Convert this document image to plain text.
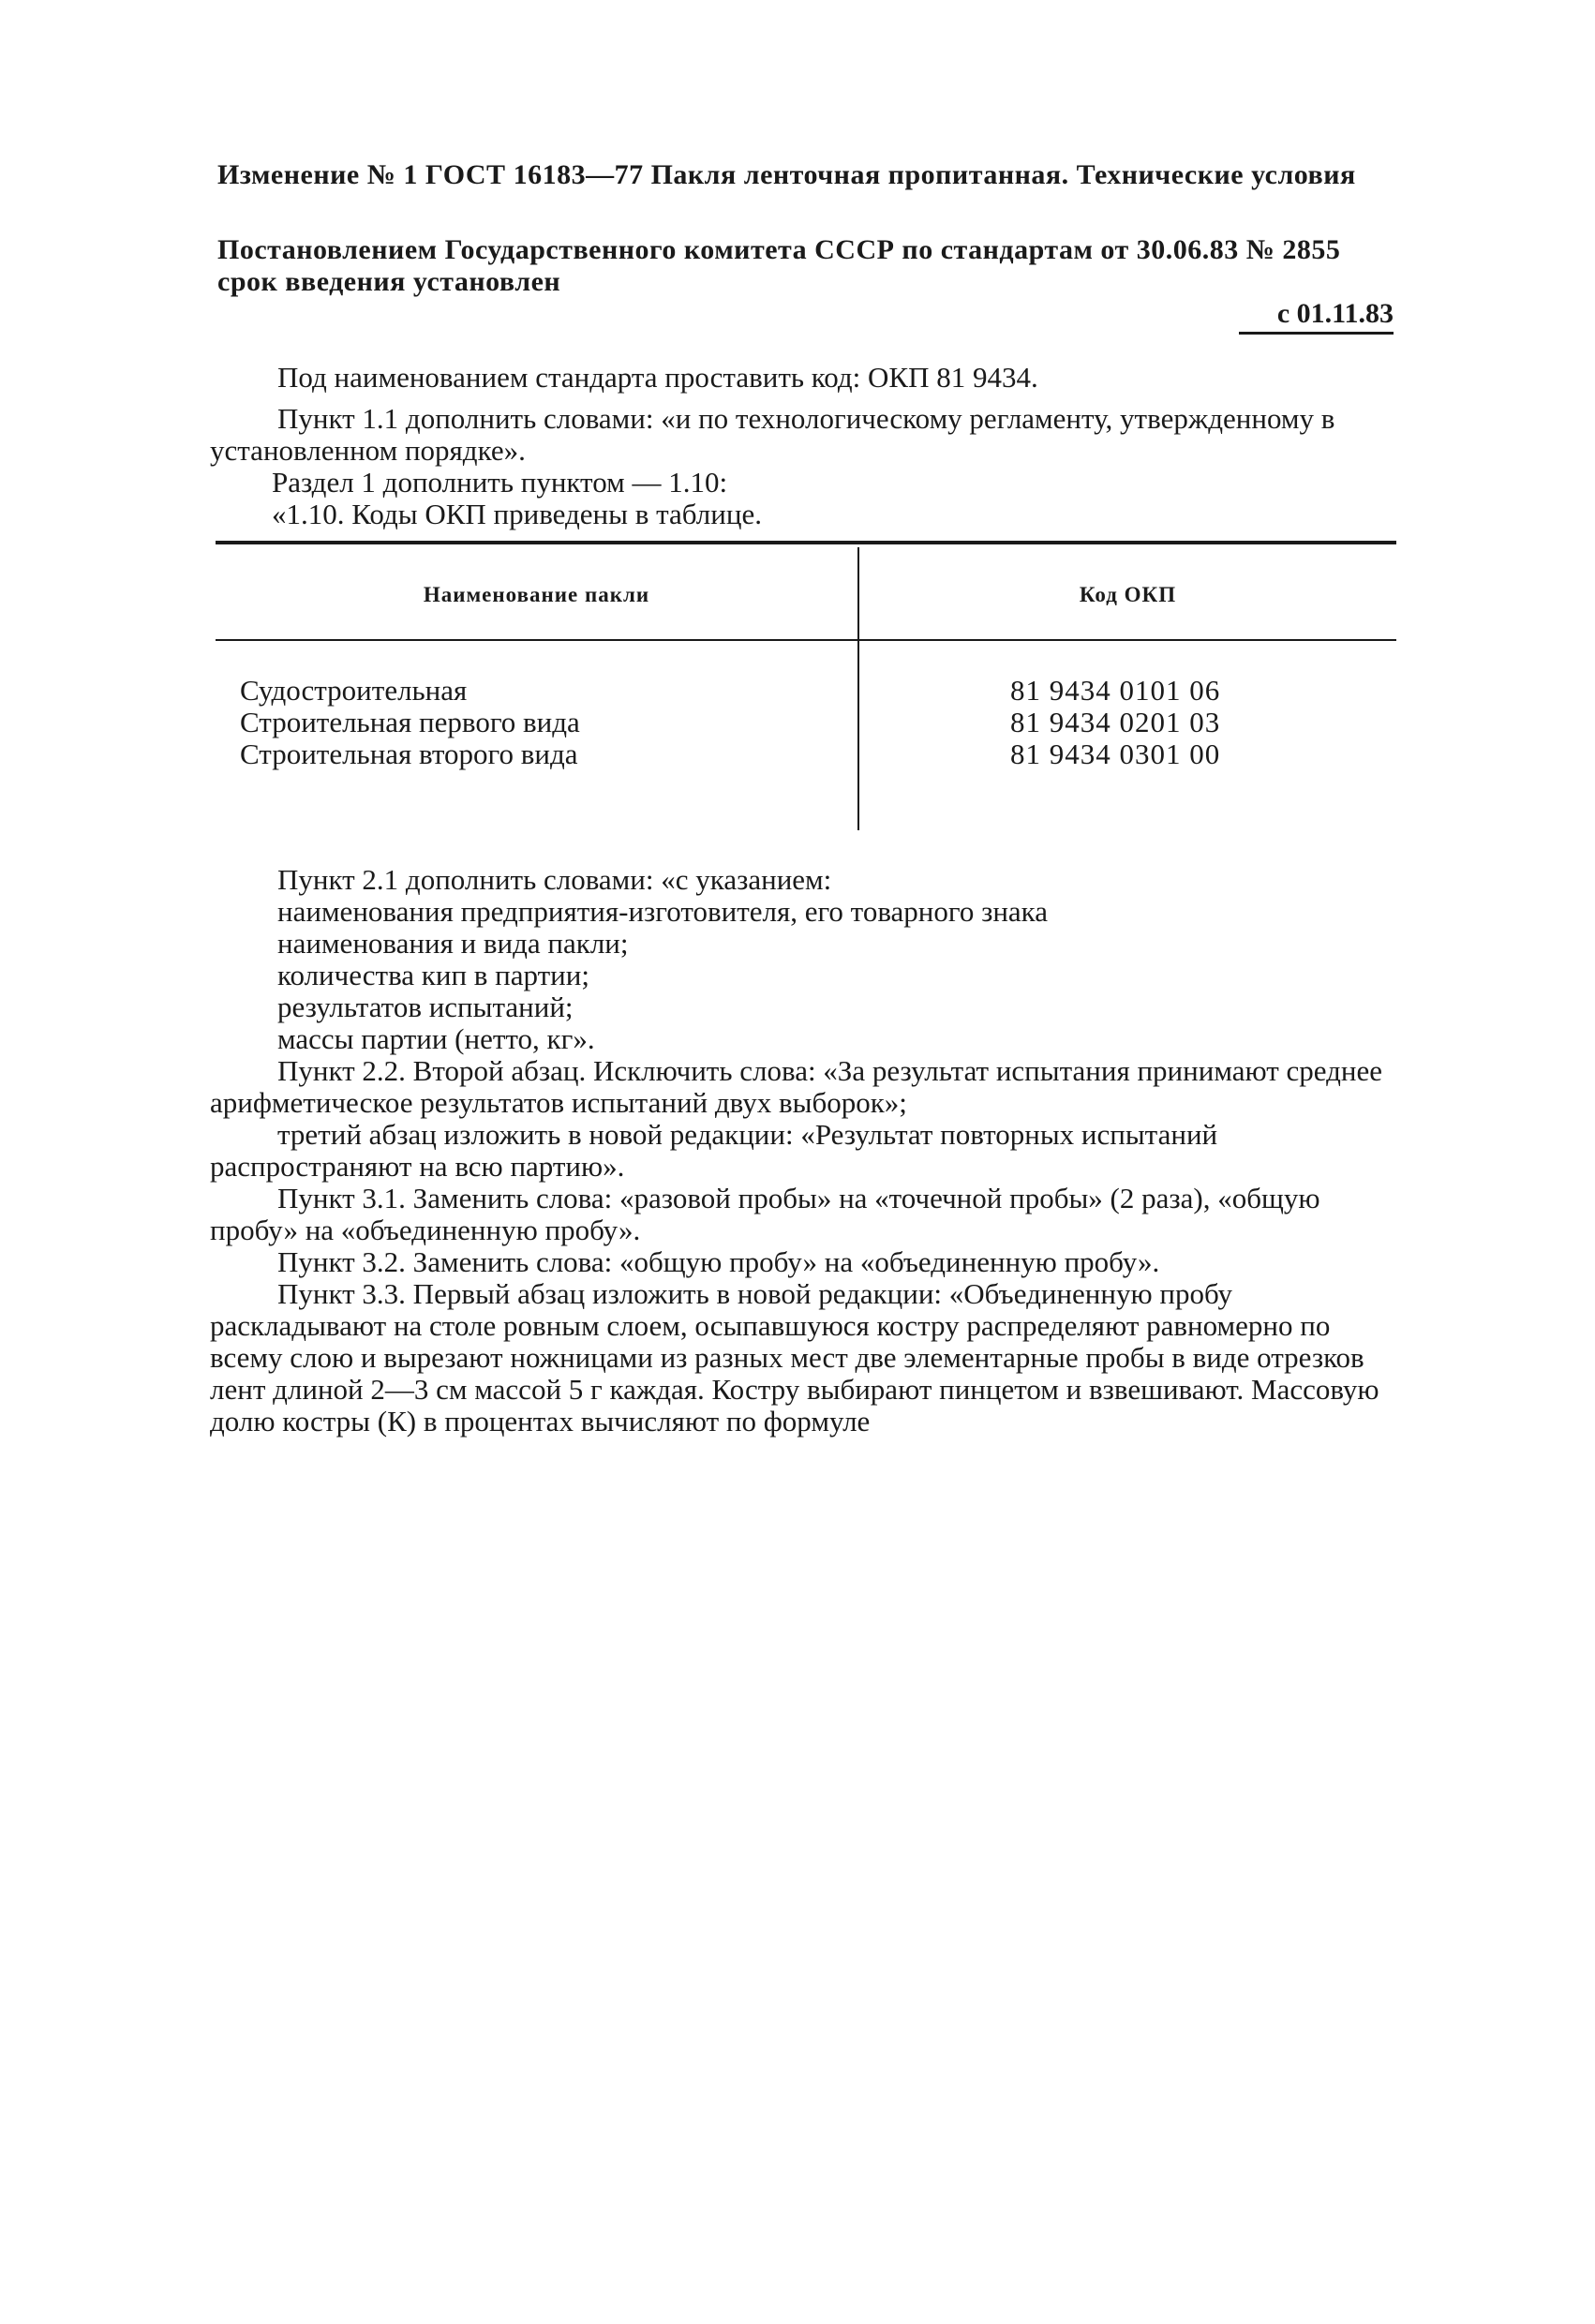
Изменение № 1 ГОСТ 16183—77 Пакля ленточная пропитанная. Технические условия

Постановлением Государственного комитета СССР по стандартам от 30.06.83 № 2855 срок введения установлен

с 01.11.83

Под наименованием стандарта проставить код: ОКП 81 9434.

Пункт 1.1 дополнить словами: «и по технологическому регламенту, утвержденному в установленном порядке».

Раздел 1 дополнить пунктом — 1.10:

«1.10. Коды ОКП приведены в таблице.

Наименование пакли	Код ОКП
Судостроительная
Строительная первого вида
Строительная второго вида
81 9434 0101 06
81 9434 0201 03
81 9434 0301 00

Пункт 2.1 дополнить словами: «с указанием:

наименования предприятия-изготовителя, его товарного знака
наименования и вида пакли;
количества кип в партии;
результатов испытаний;
массы партии (нетто, кг».

Пункт 2.2. Второй абзац. Исключить слова: «За результат испытания принимают среднее арифметическое результатов испытаний двух выборок»;

третий абзац изложить в новой редакции: «Результат повторных испытаний распространяют на всю партию».

Пункт 3.1. Заменить слова: «разовой пробы» на «точечной пробы» (2 раза), «общую пробу» на «объединенную пробу».

Пункт 3.2. Заменить слова: «общую пробу» на «объединенную пробу».

Пункт 3.3. Первый абзац изложить в новой редакции: «Объединенную пробу раскладывают на столе ровным слоем, осыпавшуюся костру распределяют равномерно по всему слою и вырезают ножницами из разных мест две элементарные пробы в виде отрезков лент длиной 2—3 см массой 5 г каждая. Костру выбирают пинцетом и взвешивают. Массовую долю костры (К) в процентах вычисляют по формуле
